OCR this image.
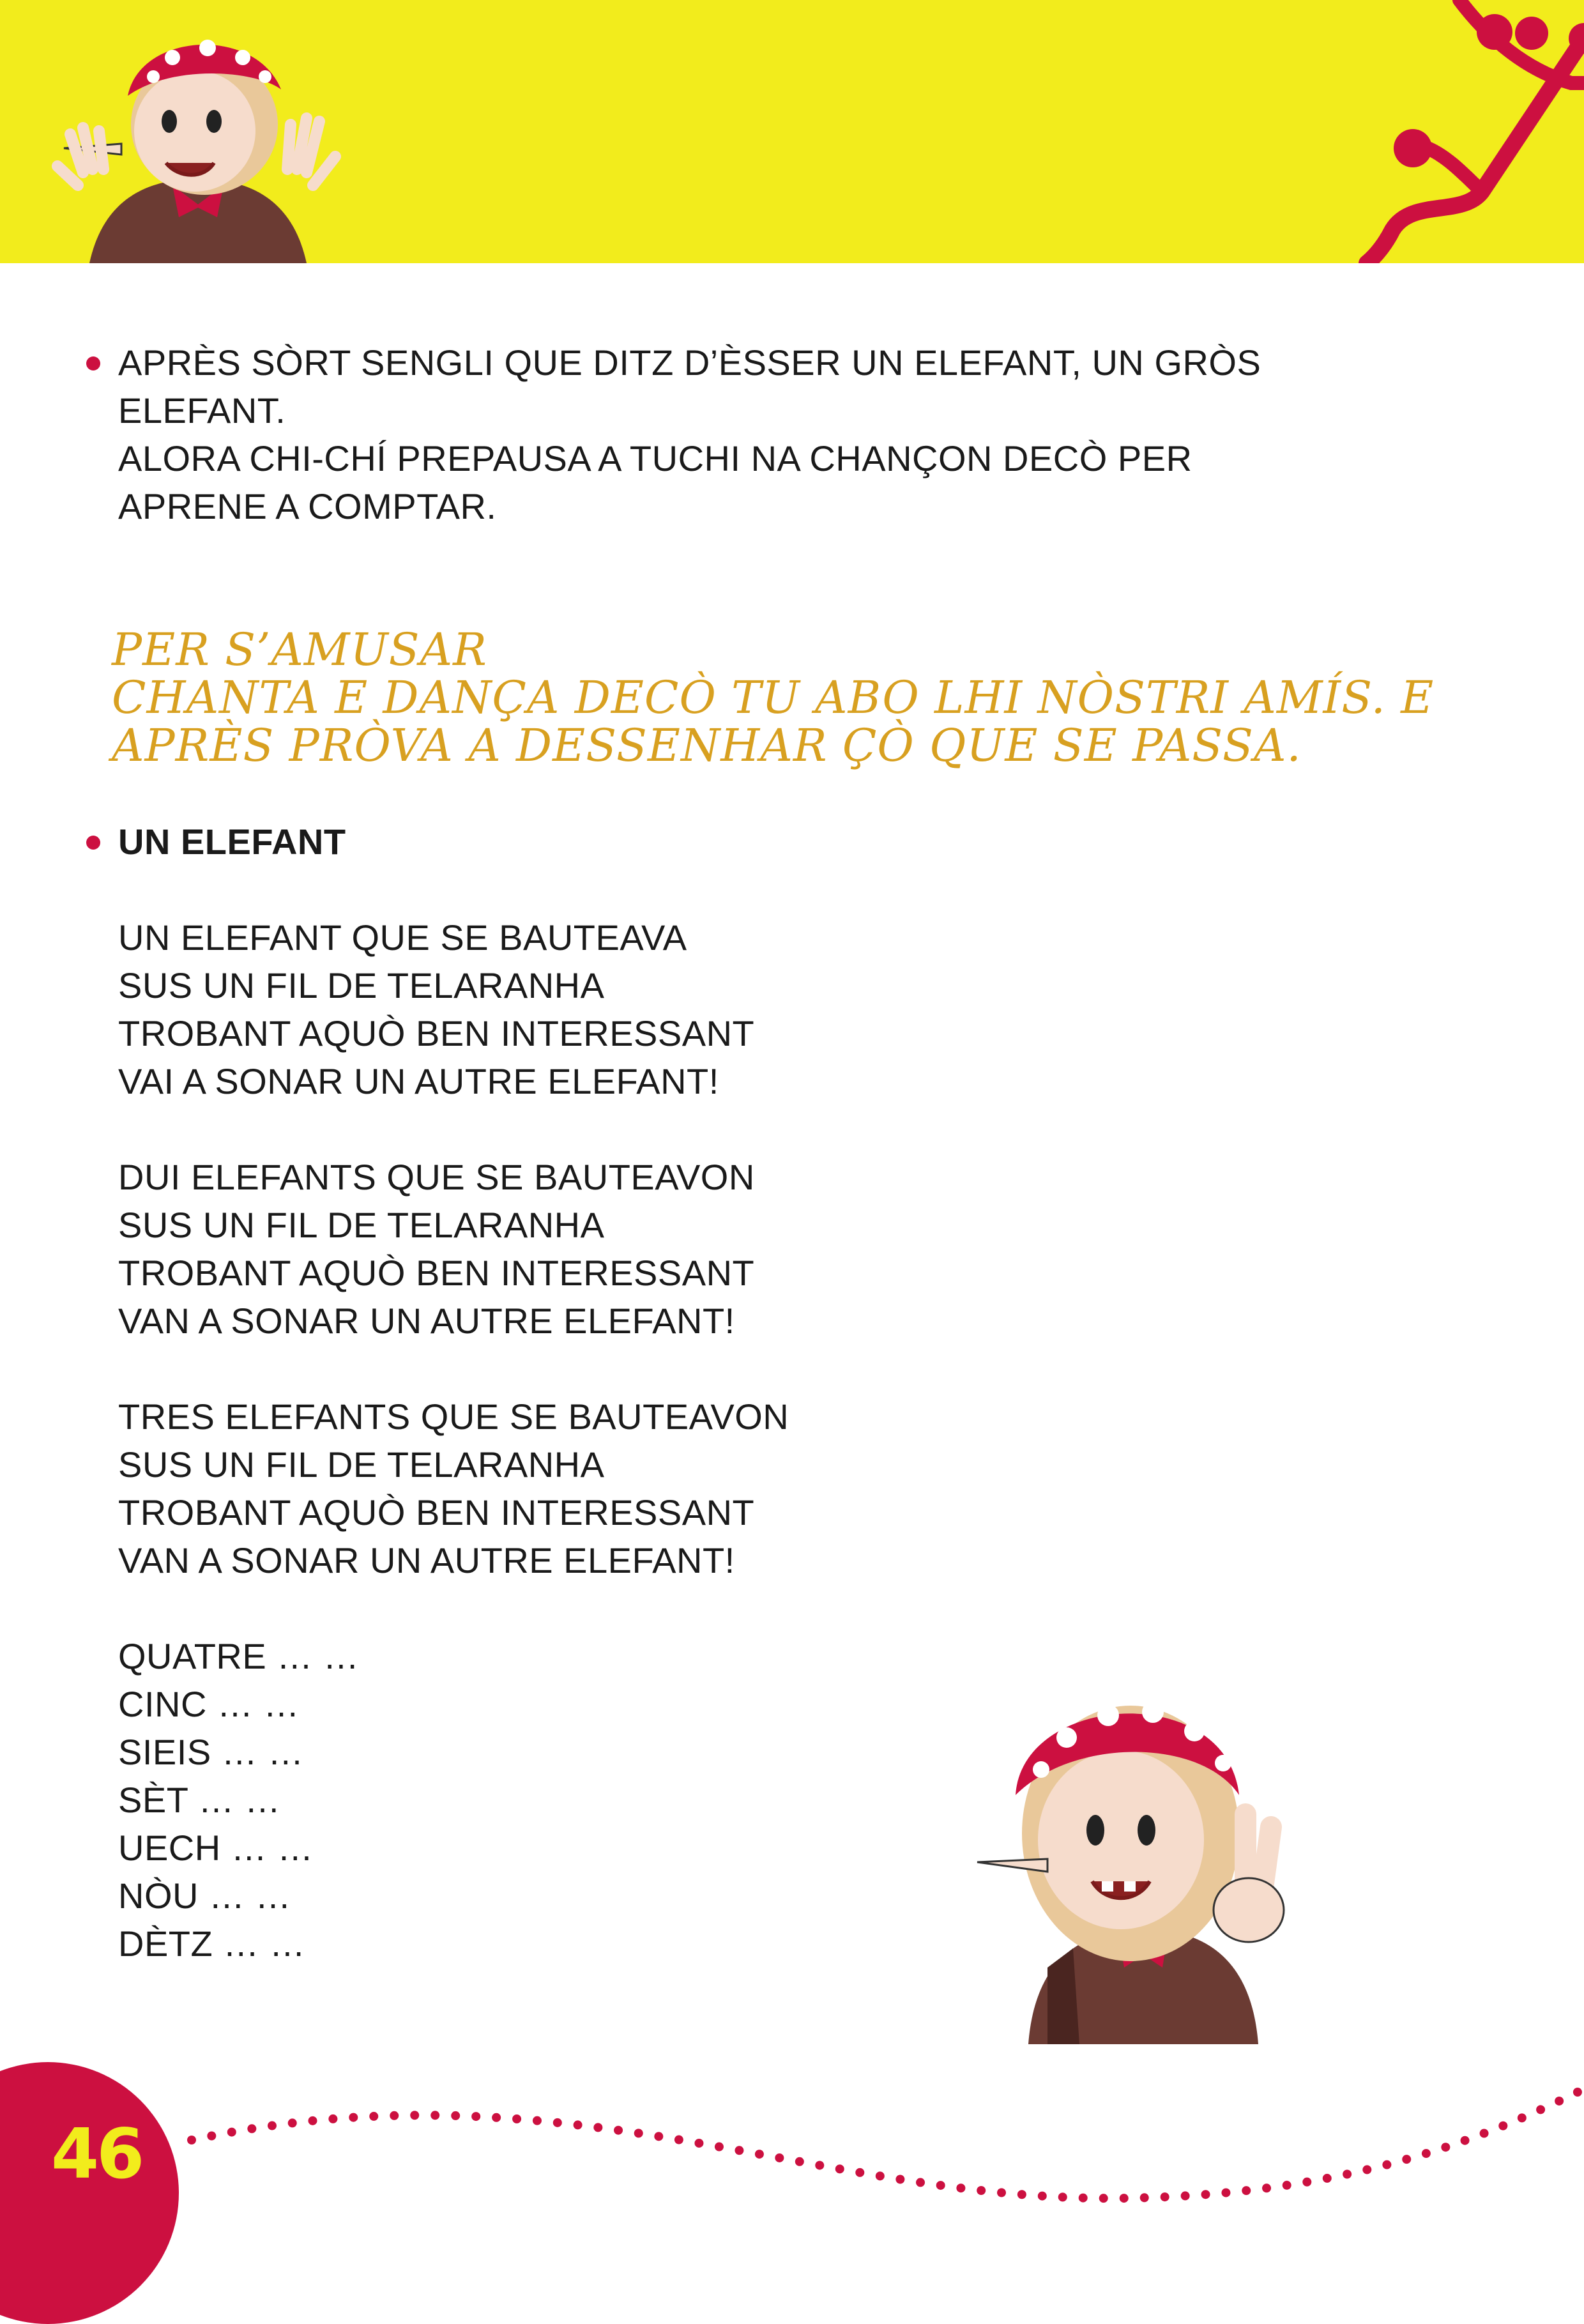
APRÈS SÒRT SENGLI QUE DITZ D’ÈSSER UN ELEFANT, UN GRÒS
ELEFANT.
ALORA CHI-CHÍ PREPAUSA A TUCHI NA CHANÇON DECÒ PER
APRENE A COMPTAR.
PER S’AMUSAR
CHANTA E DANÇA DECÒ TU ABO LHI NÒSTRI AMÍS. E
APRÈS PRÒVA A DESSENHAR ÇÒ QUE SE PASSA.
UN ELEFANT
UN ELEFANT QUE SE BAUTEAVA
SUS UN FIL DE TELARANHA
TROBANT AQUÒ BEN INTERESSANT
VAI A SONAR UN AUTRE ELEFANT!
DUI ELEFANTS QUE SE BAUTEAVON
SUS UN FIL DE TELARANHA
TROBANT AQUÒ BEN INTERESSANT
VAN A SONAR UN AUTRE ELEFANT!
TRES ELEFANTS QUE SE BAUTEAVON
SUS UN FIL DE TELARANHA
TROBANT AQUÒ BEN INTERESSANT
VAN A SONAR UN AUTRE ELEFANT!
QUATRE … …
CINC … …
SIEIS … …
SÈT … …
UECH … …
NÒU … …
DÈTZ … …
46
